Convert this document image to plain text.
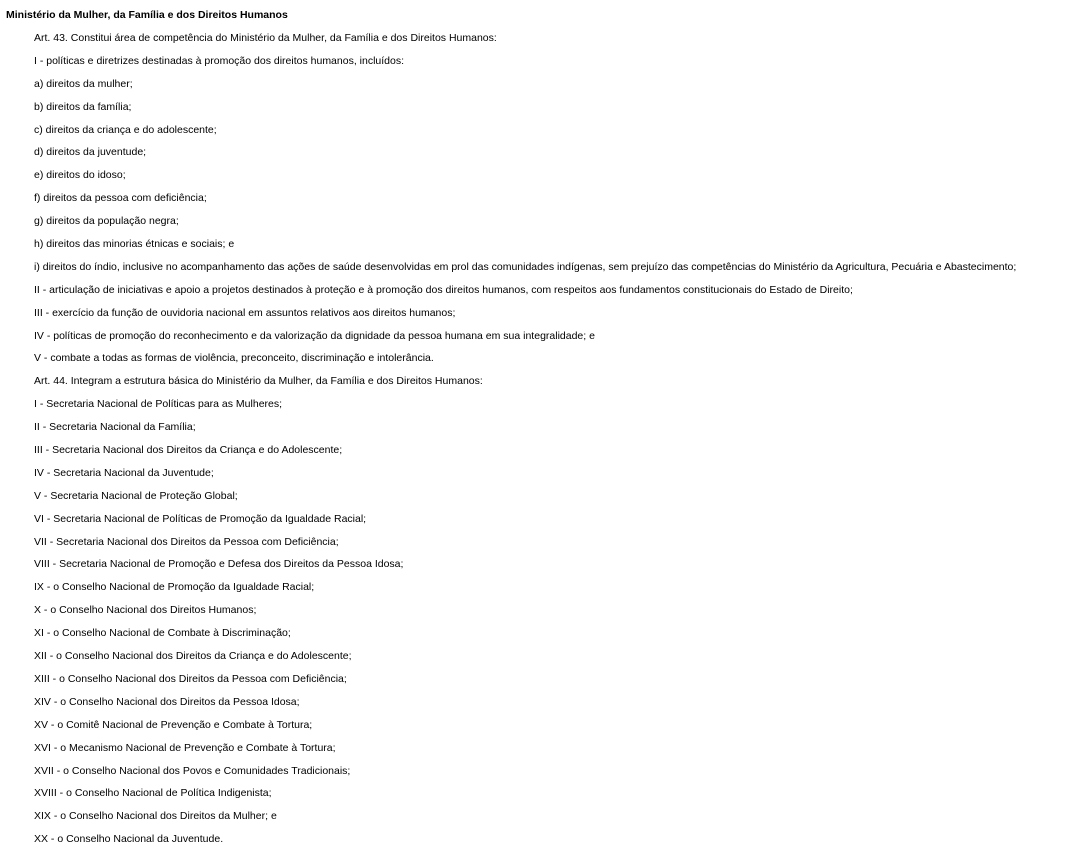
Ministério da Mulher, da Família e dos Direitos Humanos
Art. 43. Constitui área de competência do Ministério da Mulher, da Família e dos Direitos Humanos:
I - políticas e diretrizes destinadas à promoção dos direitos humanos, incluídos:
a) direitos da mulher;
b) direitos da família;
c) direitos da criança e do adolescente;
d) direitos da juventude;
e) direitos do idoso;
f) direitos da pessoa com deficiência;
g) direitos da população negra;
h) direitos das minorias étnicas e sociais; e
i) direitos do índio, inclusive no acompanhamento das ações de saúde desenvolvidas em prol das comunidades indígenas, sem prejuízo das competências do Ministério da Agricultura, Pecuária e Abastecimento;
II - articulação de iniciativas e apoio a projetos destinados à proteção e à promoção dos direitos humanos, com respeitos aos fundamentos constitucionais do Estado de Direito;
III - exercício da função de ouvidoria nacional em assuntos relativos aos direitos humanos;
IV - políticas de promoção do reconhecimento e da valorização da dignidade da pessoa humana em sua integralidade; e
V - combate a todas as formas de violência, preconceito, discriminação e intolerância.
Art. 44. Integram a estrutura básica do Ministério da Mulher, da Família e dos Direitos Humanos:
I - Secretaria Nacional de Políticas para as Mulheres;
II - Secretaria Nacional da Família;
III - Secretaria Nacional dos Direitos da Criança e do Adolescente;
IV - Secretaria Nacional da Juventude;
V - Secretaria Nacional de Proteção Global;
VI - Secretaria Nacional de Políticas de Promoção da Igualdade Racial;
VII - Secretaria Nacional dos Direitos da Pessoa com Deficiência;
VIII - Secretaria Nacional de Promoção e Defesa dos Direitos da Pessoa Idosa;
IX - o Conselho Nacional de Promoção da Igualdade Racial;
X - o Conselho Nacional dos Direitos Humanos;
XI - o Conselho Nacional de Combate à Discriminação;
XII - o Conselho Nacional dos Direitos da Criança e do Adolescente;
XIII - o Conselho Nacional dos Direitos da Pessoa com Deficiência;
XIV - o Conselho Nacional dos Direitos da Pessoa Idosa;
XV - o Comitê Nacional de Prevenção e Combate à Tortura;
XVI - o Mecanismo Nacional de Prevenção e Combate à Tortura;
XVII - o Conselho Nacional dos Povos e Comunidades Tradicionais;
XVIII - o Conselho Nacional de Política Indigenista;
XIX - o Conselho Nacional dos Direitos da Mulher; e
XX - o Conselho Nacional da Juventude.
